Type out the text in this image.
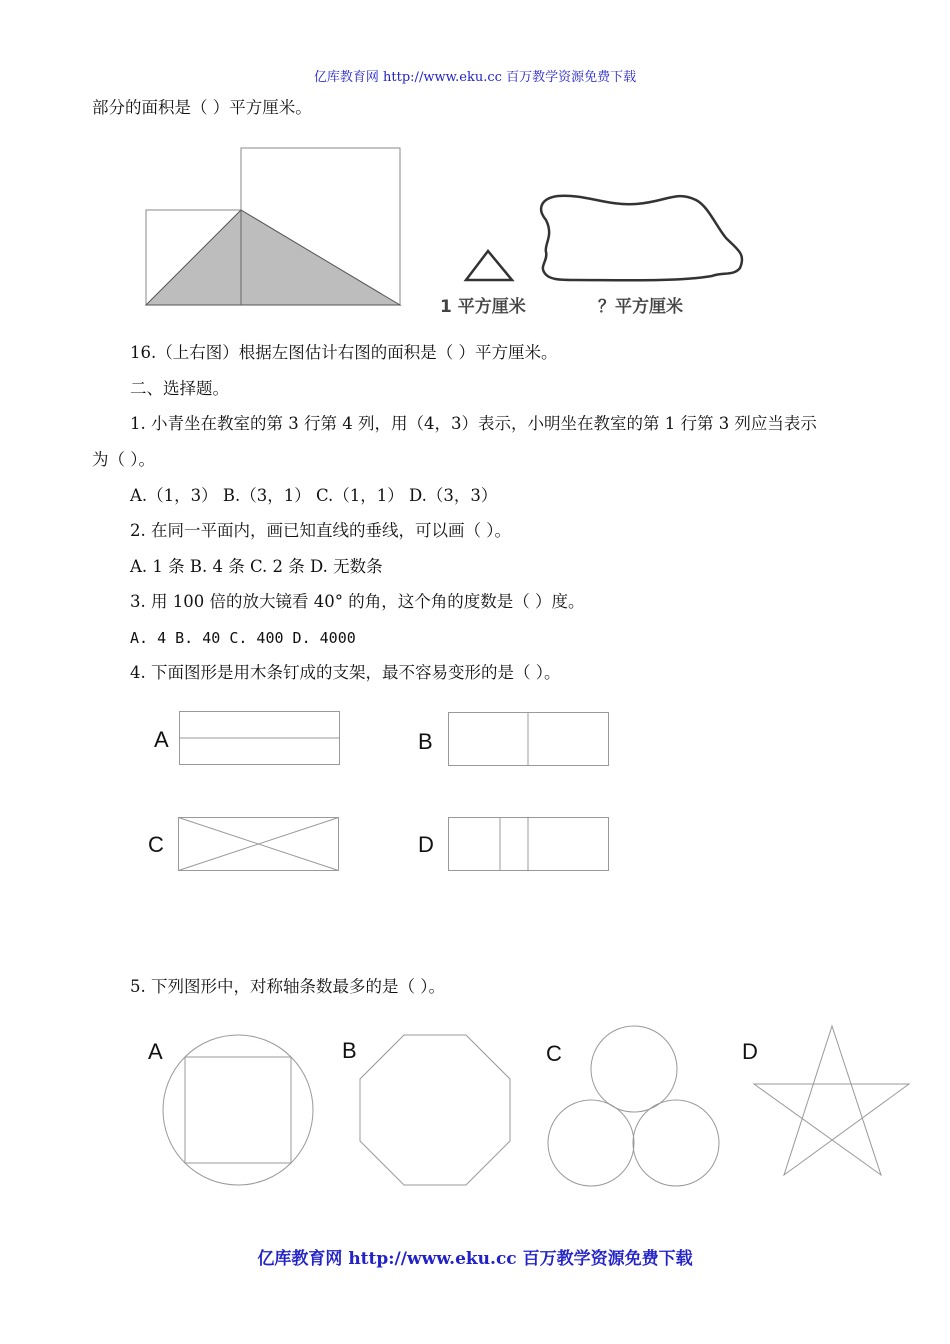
亿库教育网 http://www.eku.cc 百万教学资源免费下载
部分的面积是（ ）平方厘米。
1 平方厘米	？平方厘米
16.（上右图）根据左图估计右图的面积是（ ）平方厘米。
二、选择题。
1. 小青坐在教室的第 3 行第 4 列，用（4，3）表示，小明坐在教室的第 1 行第 3 列应当表示
为（ ）。
A.（1，3） B.（3，1） C.（1，1） D.（3，3）
2. 在同一平面内，画已知直线的垂线，可以画（ ）。
A. 1 条 B. 4 条 C. 2 条 D. 无数条
3. 用 100 倍的放大镜看 40° 的角，这个角的度数是（ ）度。
A. 4 B. 40 C. 400 D. 4000
4. 下面图形是用木条钉成的支架，最不容易变形的是（ ）。
A	B
C	D
5. 下列图形中，对称轴条数最多的是（ ）。
A	B	C	D
亿库教育网 http://www.eku.cc 百万教学资源免费下载
